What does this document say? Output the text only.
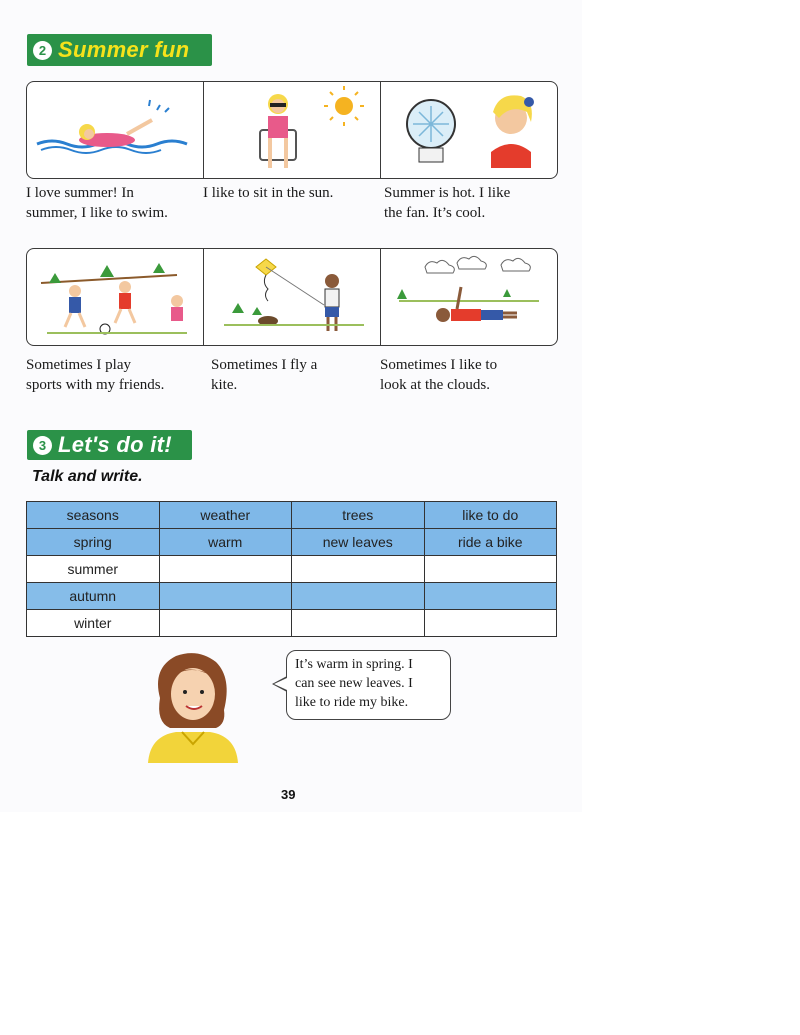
2 Summer fun
I love summer! In
summer, I like to swim.
I like to sit in the sun.	Summer is hot. I like
the fan. It’s cool.
Sometimes I play
sports with my friends.
Sometimes I fly a
kite.
Sometimes I like to
look at the clouds.
3 Let's do it!
Talk and write.
seasons	weather	trees	like to do
spring	warm	new leaves	ride a bike
summer			
autumn			
winter			
It’s warm in spring. I
can see new leaves. I
like to ride my bike.
39
